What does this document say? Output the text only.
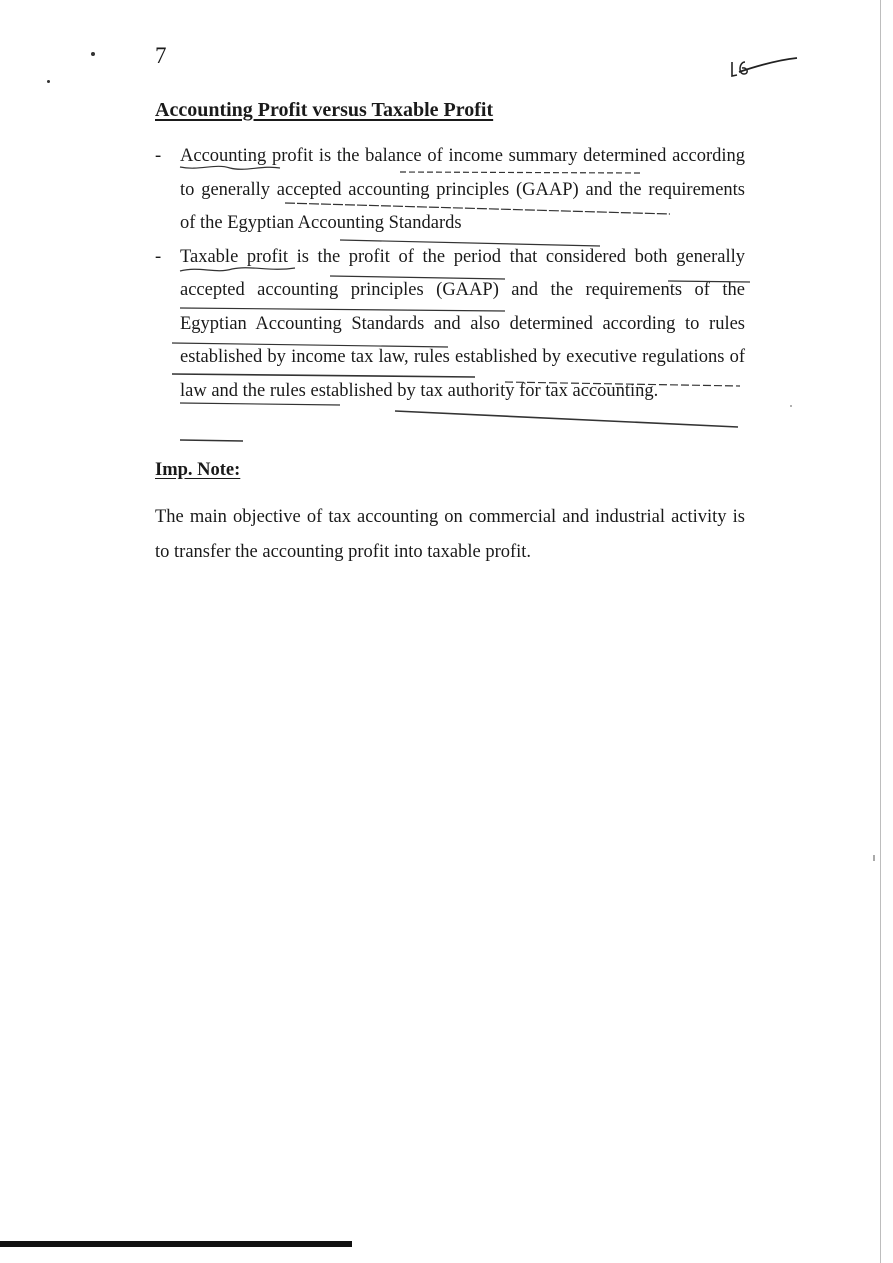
7
Accounting Profit versus Taxable Profit
- Accounting profit is the balance of income summary determined according to generally accepted accounting principles (GAAP) and the requirements of the Egyptian Accounting Standards
- Taxable profit is the profit of the period that considered both generally accepted accounting principles (GAAP) and the requirements of the Egyptian Accounting Standards and also determined according to rules established by income tax law, rules established by executive regulations of law and the rules established by tax authority for tax accounting.
Imp. Note:
The main objective of tax accounting on commercial and industrial activity is to transfer the accounting profit into taxable profit.
